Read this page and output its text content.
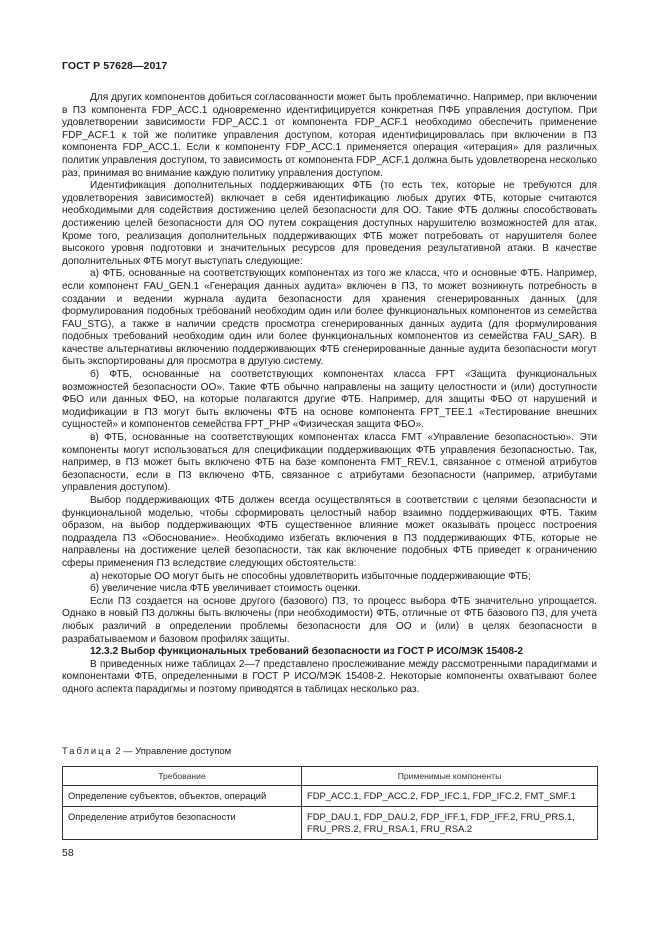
ГОСТ Р 57628—2017

Для других компонентов добиться согласованности может быть проблематично. Например, при включении в ПЗ компонента FDP_ACC.1 одновременно идентифицируется конкретная ПФБ управления доступом. При удовлетворении зависимости FDP_ACC.1 от компонента FDP_ACF.1 необходимо обеспечить применение FDP_ACF.1 к той же политике управления доступом, которая идентифицировалась при включении в ПЗ компонента FDP_ACC.1. Если к компоненту FDP_ACC.1 применяется операция «итерация» для различных политик управления доступом, то зависимость от компонента FDP_ACF.1 должна быть удовлетворена несколько раз, принимая во внимание каждую политику управления доступом.

Идентификация дополнительных поддерживающих ФТБ (то есть тех, которые не требуются для удовлетворения зависимостей) включает в себя идентификацию любых других ФТБ, которые считаются необходимыми для содействия достижению целей безопасности для ОО. Такие ФТБ должны способствовать достижению целей безопасности для ОО путем сокращения доступных нарушителю возможностей для атак. Кроме того, реализация дополнительных поддерживающих ФТБ может потребовать от нарушителя более высокого уровня подготовки и значительных ресурсов для проведения результативной атаки. В качестве дополнительных ФТБ могут выступать следующие:

а) ФТБ, основанные на соответствующих компонентах из того же класса, что и основные ФТБ. Например, если компонент FAU_GEN.1 «Генерация данных аудита» включен в ПЗ, то может возникнуть потребность в создании и ведении журнала аудита безопасности для хранения сгенерированных данных (для формулирования подобных требований необходим один или более функциональных компонентов из семейства FAU_STG), а также в наличии средств просмотра сгенерированных данных аудита (для формулирования подобных требований необходим один или более функциональных компонентов из семейства FAU_SAR). В качестве альтернативы включению поддерживающих ФТБ сгенерированные данные аудита безопасности могут быть экспортированы для просмотра в другую систему.

б) ФТБ, основанные на соответствующих компонентах класса FPT «Защита функциональных возможностей безопасности ОО». Такие ФТБ обычно направлены на защиту целостности и (или) доступности ФБО или данных ФБО, на которые полагаются другие ФТБ. Например, для защиты ФБО от нарушений и модификации в ПЗ могут быть включены ФТБ на основе компонента FPT_TEE.1 «Тестирование внешних сущностей» и компонентов семейства FPT_PHP «Физическая защита ФБО».

в) ФТБ, основанные на соответствующих компонентах класса FMT «Управление безопасностью». Эти компоненты могут использоваться для спецификации поддерживающих ФТБ управления безопасностью. Так, например, в ПЗ может быть включено ФТБ на базе компонента FMT_REV.1, связанное с отменой атрибутов безопасности, если в ПЗ включено ФТБ, связанное с атрибутами безопасности (например, атрибутами управления доступом).

Выбор поддерживающих ФТБ должен всегда осуществляться в соответствии с целями безопасности и функциональной моделью, чтобы сформировать целостный набор взаимно поддерживающих ФТБ. Таким образом, на выбор поддерживающих ФТБ существенное влияние может оказывать процесс построения подраздела ПЗ «Обоснование». Необходимо избегать включения в ПЗ поддерживающих ФТБ, которые не направлены на достижение целей безопасности, так как включение подобных ФТБ приведет к ограничению сферы применения ПЗ вследствие следующих обстоятельств:

а) некоторые ОО могут быть не способны удовлетворить избыточные поддерживающие ФТБ;

б) увеличение числа ФТБ увеличивает стоимость оценки.

Если ПЗ создается на основе другого (базового) ПЗ, то процесс выбора ФТБ значительно упрощается. Однако в новый ПЗ должны быть включены (при необходимости) ФТБ, отличные от ФТБ базового ПЗ, для учета любых различий в определении проблемы безопасности для ОО и (или) в целях безопасности в разрабатываемом и базовом профилях защиты.

12.3.2 Выбор функциональных требований безопасности из ГОСТ Р ИСО/МЭК 15408-2

В приведенных ниже таблицах 2—7 представлено прослеживание между рассмотренными парадигмами и компонентами ФТБ, определенными в ГОСТ Р ИСО/МЭК 15408-2. Некоторые компоненты охватывают более одного аспекта парадигмы и поэтому приводятся в таблицах несколько раз.

Таблица 2 — Управление доступом
Требование	Применимые компоненты
Определение субъектов, объектов, операций	FDP_ACC.1, FDP_ACC.2, FDP_IFC.1, FDP_IFC.2, FMT_SMF.1
Определение атрибутов безопасности	FDP_DAU.1, FDP_DAU.2, FDP_IFF.1, FDP_IFF.2, FRU_PRS.1, FRU_PRS.2, FRU_RSA.1, FRU_RSA.2
58
